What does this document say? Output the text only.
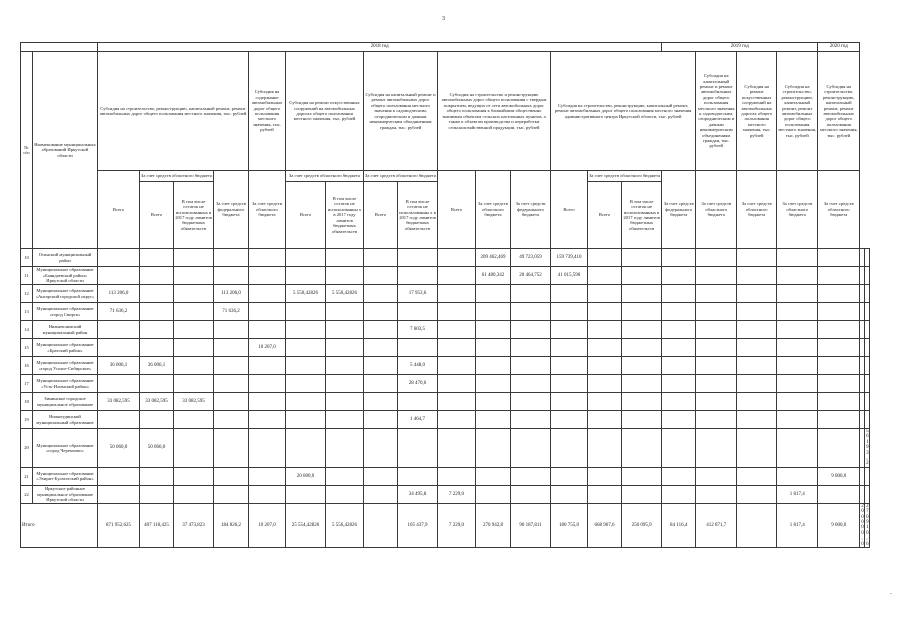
3
		2018 год															2019 год				2020 год		
№ п/п	Наименование муниципальных образований Иркутской области	Субсидия на строительство, реконструкцию, капитальный ремонт, ремонт автомобильных дорог общего пользования местного значения, тыс. рублей				Субсидия на содержание автомобильных дорог общего пользования местного значения, тыс. рублей	Субсидия на ремонт искусственных сооружений на автомобильных дорогах общего пользования местного значения, тыс. рублей		Субсидия на капитальный ремонт и ремонт автомобильных дорог общего пользования местного значения к садоводческим, огородническим и дачным некоммерческим объединениям граждан, тыс. рублей		Субсидия на строительство и реконструкцию автомобильных дорог общего пользования с твердым покрытием, ведущих от сети автомобильных дорог общего пользования к ближайшим общественно значимым объектам сельских населенных пунктов, а также к объектам производства и переработки сельскохозяйственной продукции, тыс. рублей			Субсидия на строительство, реконструкцию, капитальный ремонт, ремонт автомобильных дорог общего пользования местного значения административного центра Иркутской области, тыс. рублей				Субсидия на капитальный ремонт и ремонт автомобильных дорог общего пользования местного значения к садоводческим, огородническим и дачным некоммерческим объединениям граждан, тыс. рублей	Субсидия на ремонт искусственных сооружений на автомобильных дорогах общего пользования местного значения, тыс. рублей	Субсидия на строительство, реконструкцию, капитальный ремонт, ремонт автомобильных дорог общего пользования местного значения, тыс. рублей	Субсидия на строительство, реконструкцию, капитальный ремонт, ремонт автомобильных дорог общего пользования местного значения, тыс. рублей		
		Всего	За счет средств областного бюджета		За счет средств федерального бюджета	За счет средств областного бюджета	За счет средств областного бюджета		За счет средств областного бюджета		Всего	За счет средств областного бюджета	За счет средств федерального бюджета	Всего	За счет средств областного бюджета		За счет средств федерального бюджета	За счет средств областного бюджета	За счет средств областного бюджета	За счет средств областного бюджета	За счет средств областного бюджета		
			Всего	В том числе остаток не использованных в 2017 году лимитов бюджетных обязательств			Всего	В том числе остаток не использованны х в 2017 году лимитов бюджетных обязательств	Всего	В том числе остаток не использованны х в 2017 году лимитов бюджетных обязательств					Всего	В том числе остаток не использованных в 2017 году лимитов бюджетных обязательств							
10	Осинский муниципальный район											209 462,469	49 723,059	159 739,410									
11	Муниципальное образование «Баяндаевский район» Иркутской области											61 480,342	20 464,752	41 015,590									
12	Муниципальное образование «Ангарский городской округ»	113 206,0			113 206,0		5 550,42826	5 550,42826		17 953,6													
13	Муниципальное образование «город Свирск»	71 636,2			71 636,2																		
14	Нижнеилимский муниципальный район									7 603,5													
15	Муниципальное образование «Братский район»					10 207,0																	
16	Муниципальное образование «город Усолье-Сибирское»	36 006,1	36 006,1							5 448,0													
17	Муниципальное образование «Усть-Илимский район»									28 470,6													
18	Зиминское городское муниципальное образование	33 082,595	33 082,595	33 082,595																			
19	Нижнеудинский муниципальный образование									1 464,7													
20	Муниципальное образование «город Черемхово»	50 060,0	50 060,0																				56 193,2
21	Муниципальное образование «Эхирит-Булагатский район»						20 000,0														9 000,0		
22	Иркутское районное муниципальное образование Иркутской области									34 495,8	7 229,0									1 817,4			
Итого		871 952,625	407 118,425	37 473,823	184 826,2	10 207,0	25 554,42826	5 556,42826		105 437,9	7 229,0	270 942,8	90 187,811	180 755,0	668 967,6	256 095,9	84 116,4	412 871,7		1 817,4	9 000,0	200 000,0	270 910,6
-
